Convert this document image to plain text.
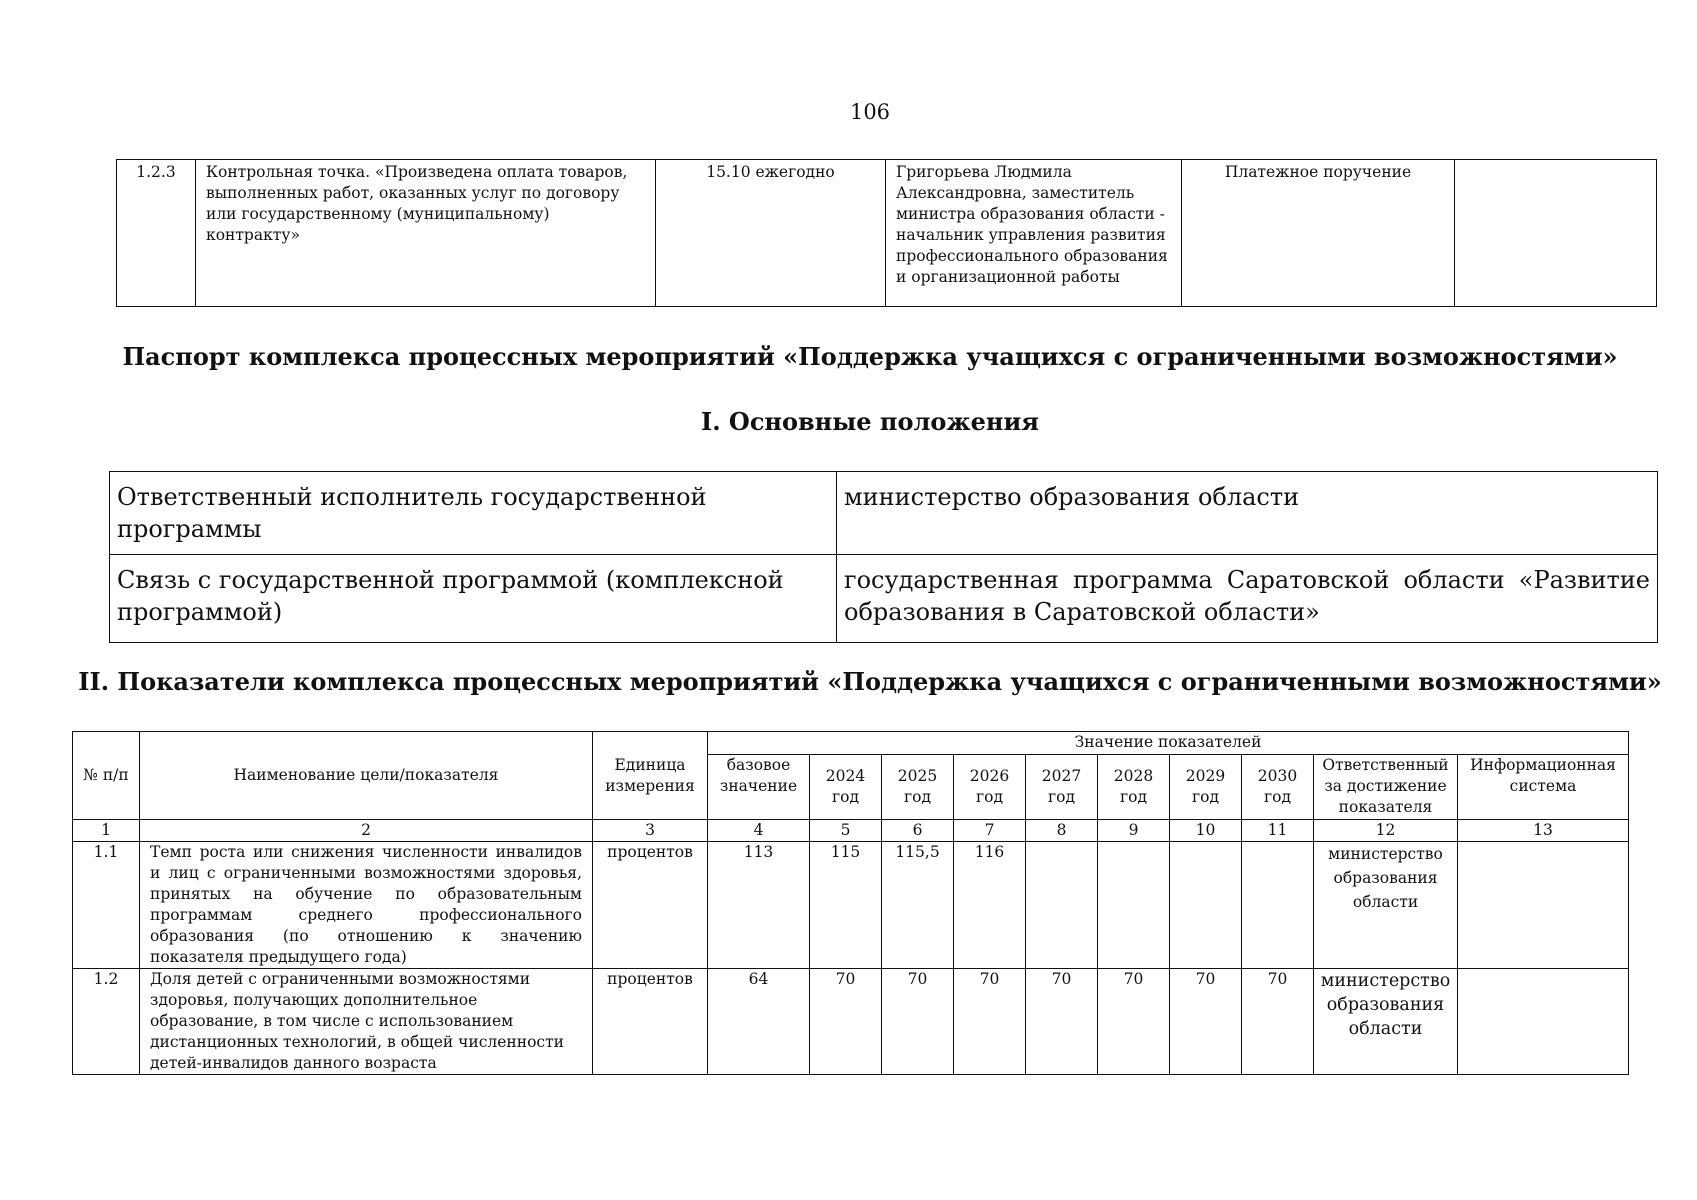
106
1.2.3	Контрольная точка. «Произведена оплата товаров, выполненных работ, оказанных услуг по договору или государственному (муниципальному) контракту»	15.10 ежегодно	Григорьева Людмила Александровна, заместитель министра образования области - начальник управления развития профессионального образования и организационной работы	Платежное поручение	
Паспорт комплекса процессных мероприятий «Поддержка учащихся с ограниченными возможностями»
I. Основные положения
Ответственный исполнитель государственной программы	министерство образования области
Связь с государственной программой (комплексной программой)	государственная программа Саратовской области «Развитие образования в Саратовской области»
II. Показатели комплекса процессных мероприятий «Поддержка учащихся с ограниченными возможностями»
№ п/п	Наименование цели/показателя	Единица измерения	Значение показателей									
			базовое значение	2024 год	2025 год	2026 год	2027 год	2028 год	2029 год	2030 год	Ответственный за достижение показателя	Информационная система
1	2	3	4	5	6	7	8	9	10	11	12	13
1.1	Темп роста или снижения численности инвалидов и лиц с ограниченными возможностями здоровья, принятых на обучение по образовательным программам среднего профессионального образования (по отношению к значению показателя предыдущего года)	процентов	113	115	115,5	116					министерство образования области	
1.2	Доля детей с ограниченными возможностями здоровья, получающих дополнительное образование, в том числе с использованием дистанционных технологий, в общей численности детей-инвалидов данного возраста	процентов	64	70	70	70	70	70	70	70	министерство образования области	
